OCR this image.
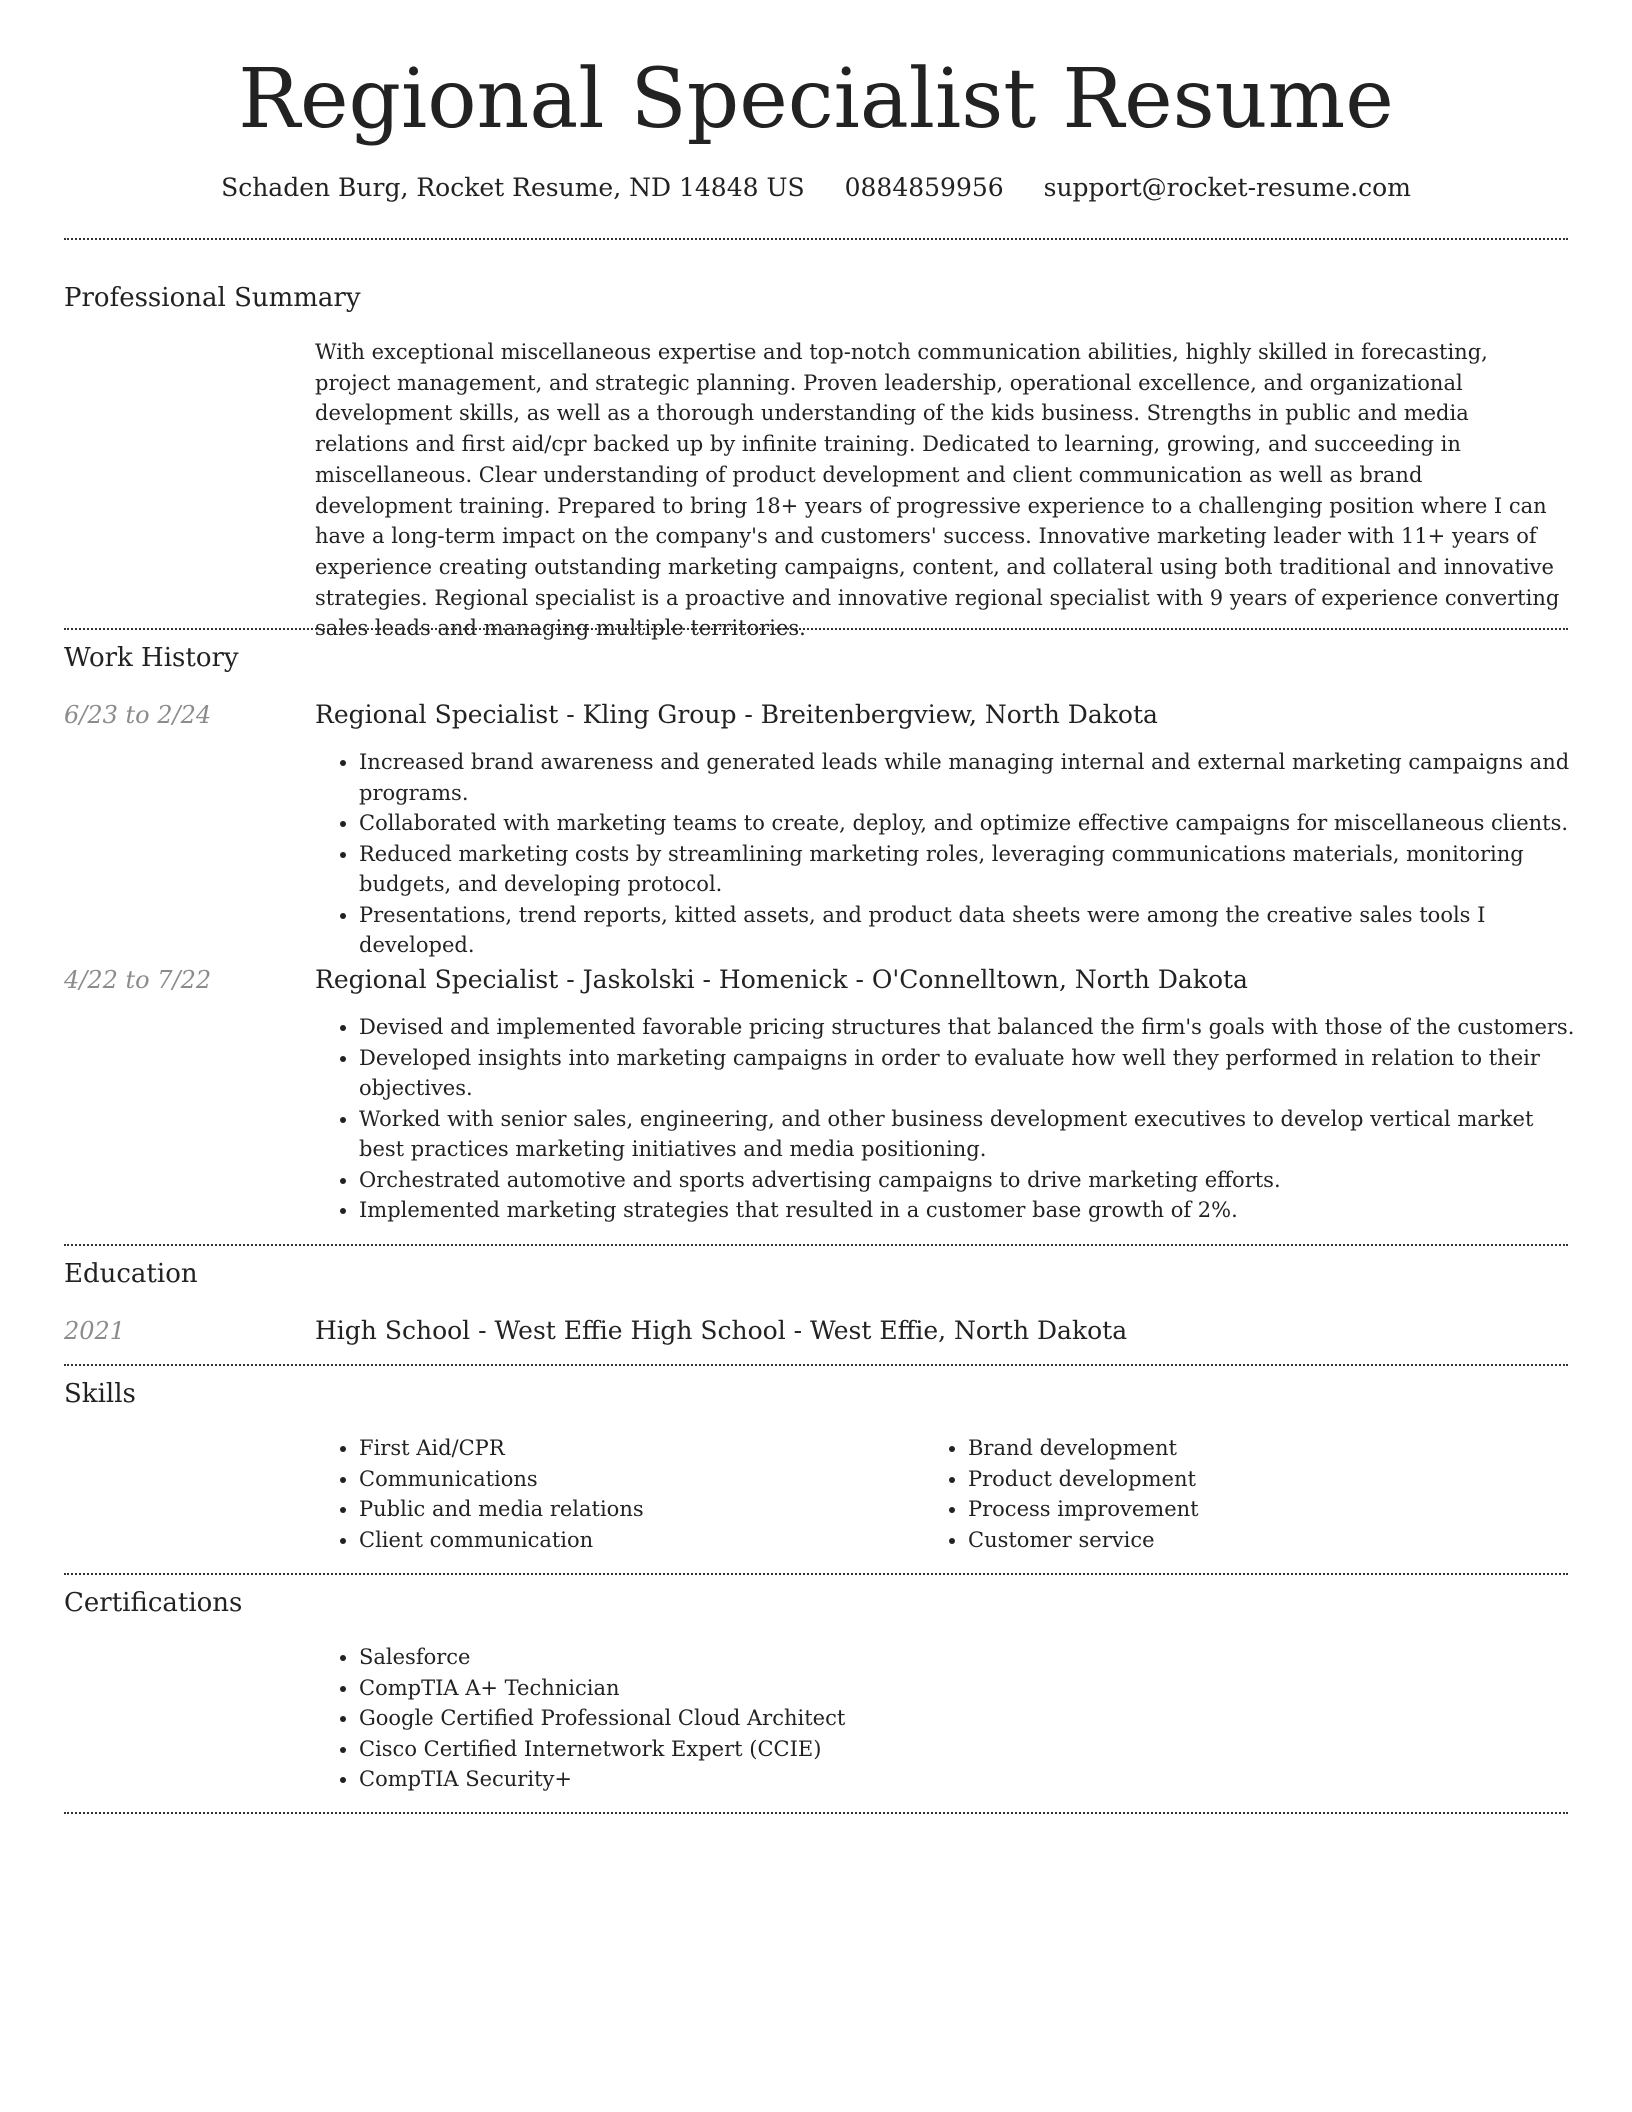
Regional Specialist Resume
Schaden Burg, Rocket Resume, ND 14848 US 0884859956 support@rocket-resume.com
Professional Summary
With exceptional miscellaneous expertise and top-notch communication abilities, highly skilled in forecasting, project management, and strategic planning. Proven leadership, operational excellence, and organizational development skills, as well as a thorough understanding of the kids business. Strengths in public and media relations and first aid/cpr backed up by infinite training. Dedicated to learning, growing, and succeeding in miscellaneous. Clear understanding of product development and client communication as well as brand development training. Prepared to bring 18+ years of progressive experience to a challenging position where I can have a long-term impact on the company's and customers' success. Innovative marketing leader with 11+ years of experience creating outstanding marketing campaigns, content, and collateral using both traditional and innovative strategies. Regional specialist is a proactive and innovative regional specialist with 9 years of experience converting sales leads and managing multiple territories.
Work History
6/23 to 2/24	Regional Specialist - Kling Group - Breitenbergview, North Dakota
• Increased brand awareness and generated leads while managing internal and external marketing campaigns and programs.
• Collaborated with marketing teams to create, deploy, and optimize effective campaigns for miscellaneous clients.
• Reduced marketing costs by streamlining marketing roles, leveraging communications materials, monitoring budgets, and developing protocol.
• Presentations, trend reports, kitted assets, and product data sheets were among the creative sales tools I developed.
4/22 to 7/22	Regional Specialist - Jaskolski - Homenick - O'Connelltown, North Dakota
• Devised and implemented favorable pricing structures that balanced the firm's goals with those of the customers.
• Developed insights into marketing campaigns in order to evaluate how well they performed in relation to their objectives.
• Worked with senior sales, engineering, and other business development executives to develop vertical market best practices marketing initiatives and media positioning.
• Orchestrated automotive and sports advertising campaigns to drive marketing efforts.
• Implemented marketing strategies that resulted in a customer base growth of 2%.
Education
2021	High School - West Effie High School - West Effie, North Dakota
Skills
• First Aid/CPR
• Communications
• Public and media relations
• Client communication
• Brand development
• Product development
• Process improvement
• Customer service
Certifications
• Salesforce
• CompTIA A+ Technician
• Google Certified Professional Cloud Architect
• Cisco Certified Internetwork Expert (CCIE)
• CompTIA Security+
